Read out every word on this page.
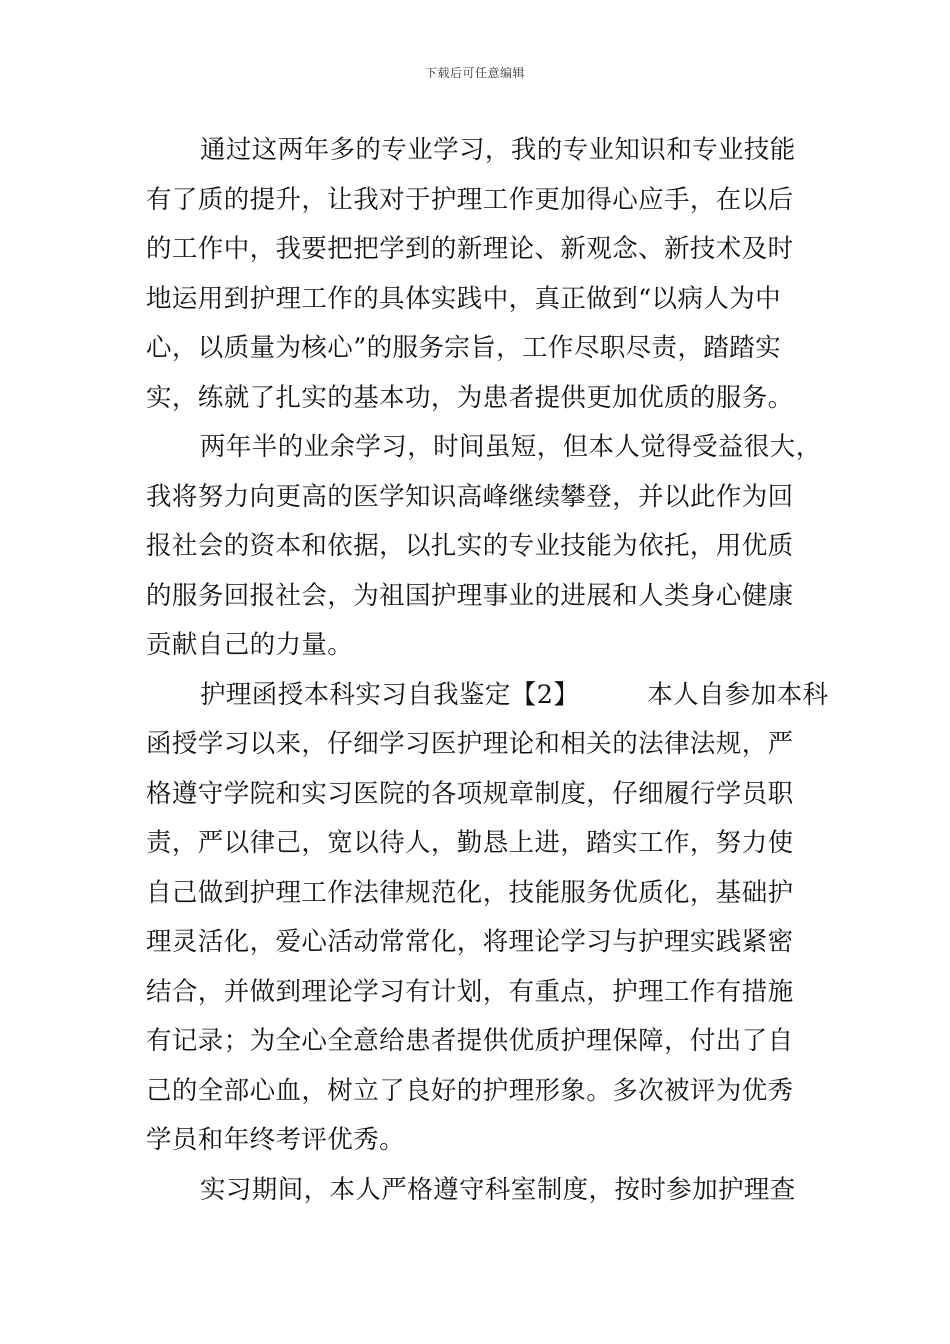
下载后可任意编辑
通过这两年多的专业学习，我的专业知识和专业技能
有了质的提升，让我对于护理工作更加得心应手，在以后
的工作中，我要把把学到的新理论、新观念、新技术及时
地运用到护理工作的具体实践中，真正做到“以病人为中
心，以质量为核心”的服务宗旨，工作尽职尽责，踏踏实
实，练就了扎实的基本功，为患者提供更加优质的服务。
两年半的业余学习，时间虽短，但本人觉得受益很大，
我将努力向更高的医学知识高峰继续攀登，并以此作为回
报社会的资本和依据，以扎实的专业技能为依托，用优质
的服务回报社会，为祖国护理事业的进展和人类身心健康
贡献自己的力量。
护理函授本科实习自我鉴定【2】	本人自参加本科
函授学习以来，仔细学习医护理论和相关的法律法规，严
格遵守学院和实习医院的各项规章制度，仔细履行学员职
责，严以律己，宽以待人，勤恳上进，踏实工作，努力使
自己做到护理工作法律规范化，技能服务优质化，基础护
理灵活化，爱心活动常常化，将理论学习与护理实践紧密
结合，并做到理论学习有计划，有重点，护理工作有措施
有记录；为全心全意给患者提供优质护理保障，付出了自
己的全部心血，树立了良好的护理形象。多次被评为优秀
学员和年终考评优秀。
实习期间，本人严格遵守科室制度，按时参加护理查
